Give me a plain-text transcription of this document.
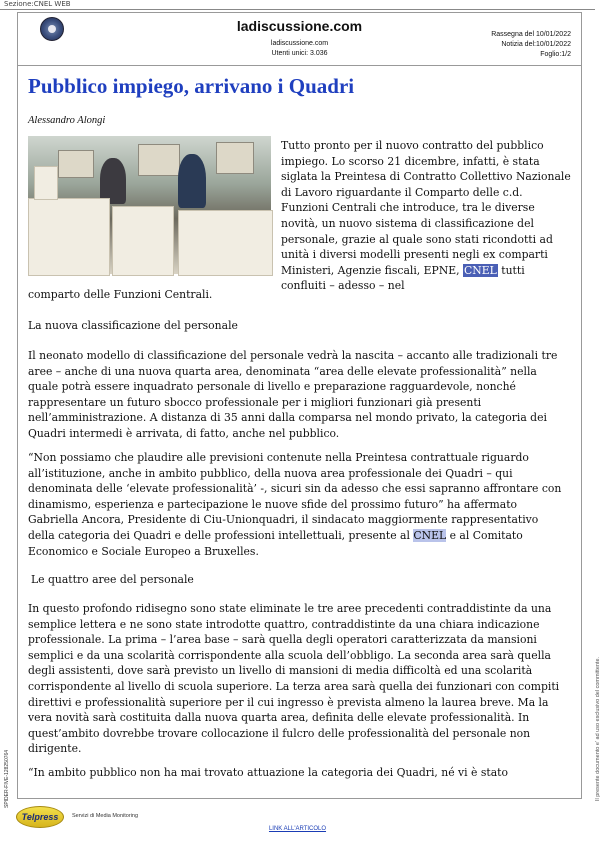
Sezione:CNEL WEB
ladiscussione.com
ladiscussione.com
Utenti unici: 3.036
Rassegna del 10/01/2022
Notizia del:10/01/2022
Foglio:1/2
Pubblico impiego, arrivano i Quadri
Alessandro Alongi

Tutto pronto per il nuovo contratto del pubblico impiego. Lo scorso 21 dicembre, infatti, è stata siglata la Preintesa di Contratto Collettivo Nazionale di Lavoro riguardante il Comparto delle c.d. Funzioni Centrali che introduce, tra le diverse novità, un nuovo sistema di classificazione del personale, grazie al quale sono stati ricondotti ad unità i diversi modelli presenti negli ex comparti Ministeri, Agenzie fiscali, EPNE, CNEL tutti confluiti – adesso – nel

comparto delle Funzioni Centrali.

La nuova classificazione del personale

Il neonato modello di classificazione del personale vedrà la nascita – accanto alle tradizionali tre aree – anche di una nuova quarta area, denominata “area delle elevate professionalità” nella quale potrà essere inquadrato personale di livello e preparazione ragguardevole, nonché rappresentare un futuro sbocco professionale per i migliori funzionari già presenti nell’amministrazione. A distanza di 35 anni dalla comparsa nel mondo privato, la categoria dei Quadri intermedi è arrivata, di fatto, anche nel pubblico.

“Non possiamo che plaudire alle previsioni contenute nella Preintesa contrattuale riguardo all’istituzione, anche in ambito pubblico, della nuova area professionale dei Quadri – qui denominata delle ‘elevate professionalità’ -, sicuri sin da adesso che essi sapranno affrontare con dinamismo, esperienza e partecipazione le nuove sfide del prossimo futuro” ha affermato Gabriella Ancora, Presidente di Ciu-Unionquadri, il sindacato maggiormente rappresentativo della categoria dei Quadri e delle professioni intellettuali, presente al CNEL e al Comitato Economico e Sociale Europeo a Bruxelles.

Le quattro aree del personale

In questo profondo ridisegno sono state eliminate le tre aree precedenti contraddistinte da una semplice lettera e ne sono state introdotte quattro, contraddistinte da una chiara indicazione professionale. La prima – l’area base – sarà quella degli operatori caratterizzata da mansioni semplici e da una scolarità corrispondente alla scuola dell’obbligo. La seconda area sarà quella degli assistenti, dove sarà previsto un livello di mansioni di media difficoltà ed una scolarità corrispondente al livello di scuola superiore. La terza area sarà quella dei funzionari con compiti direttivi e professionalità superiore per il cui ingresso è prevista almeno la laurea breve. Ma la vera novità sarà costituita dalla nuova quarta area, definita delle elevate professionalità. In quest’ambito dovrebbe trovare collocazione il fulcro delle professionalità del personale non dirigente.

“In ambito pubblico non ha mai trovato attuazione la categoria dei Quadri, né vi è stato

Telpress	Servizi di Media Monitoring
LINK ALL'ARTICOLO
SPIDER-FIVE-128250764	Il presente documento e' ad uso esclusivo del committente.
